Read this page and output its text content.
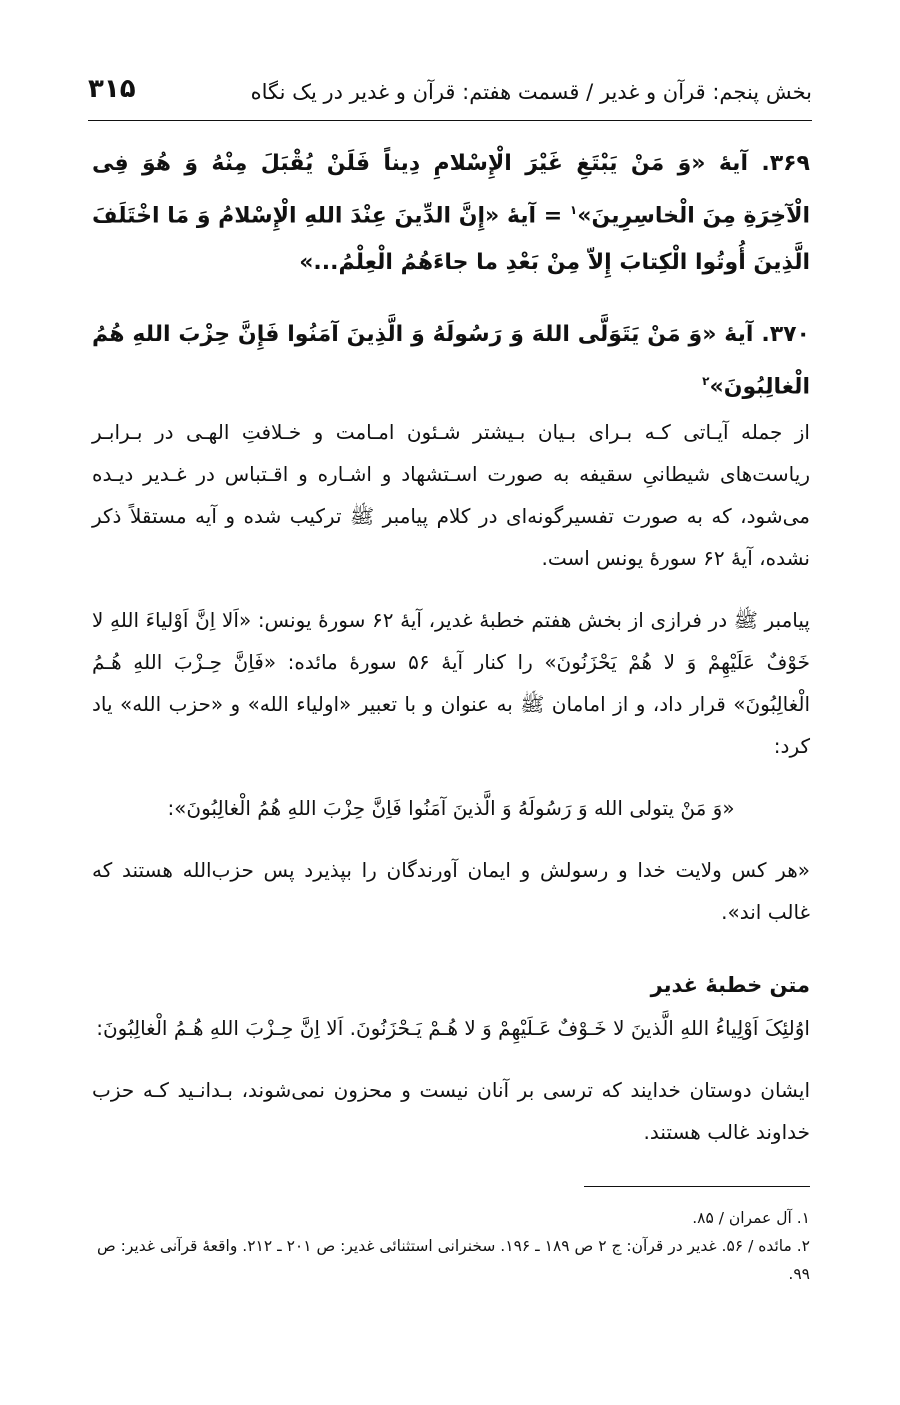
بخش پنجم: قرآن و غدیر / قسمت هفتم: قرآن و غدیر در یک نگاه
۳۱۵

۳۶۹. آیهٔ «وَ مَنْ یَبْتَغِ غَیْرَ الْإِسْلامِ دِیناً فَلَنْ یُقْبَلَ مِنْهُ وَ هُوَ فِی الْآخِرَةِ مِنَ الْخاسِرِینَ»$^۱$ = آیهٔ «إِنَّ الدِّینَ عِنْدَ اللهِ الْإِسْلامُ وَ مَا اخْتَلَفَ الَّذِینَ أُوتُوا الْکِتابَ إِلاّ مِنْ بَعْدِ ما جاءَهُمُ الْعِلْمُ...»

۳۷۰. آیهٔ «وَ مَنْ یَتَوَلَّی اللهَ وَ رَسُولَهُ وَ الَّذِینَ آمَنُوا فَإِنَّ حِزْبَ اللهِ هُمُ الْغالِبُونَ»$^۲$

از جمله آیـاتی کـه بـرای بـیان بـیشتر شـئون امـامت و خـلافتِ الهـی در بـرابـر ریاست‌های شیطانیِ سقیفه به صورت اسـتشهاد و اشـاره و اقـتباس در غـدیر دیـده می‌شود، که به صورت تفسیرگونه‌ای در کلام پیامبر ﷺ ترکیب شده و آیه مستقلاً ذکر نشده، آیهٔ ۶۲ سورهٔ یونس است.

پیامبر ﷺ در فرازی از بخش هفتم خطبهٔ غدیر، آیهٔ ۶۲ سورهٔ یونس: «اَلا اِنَّ اَوْلیاءَ اللهِ لا خَوْفٌ عَلَیْهِمْ وَ لا هُمْ یَحْزَنُونَ» را کنار آیهٔ ۵۶ سورهٔ مائده: «فَاِنَّ حِـزْبَ اللهِ هُـمُ الْغالِبُونَ» قرار داد، و از امامان ﷺ به عنوان و با تعبیر «اولیاء الله» و «حزب الله» یاد کرد:

«وَ مَنْ یتولی الله وَ رَسُولَهُ وَ الَّذینَ آمَنُوا فَاِنَّ حِزْبَ اللهِ هُمُ الْغالِبُونَ»:

«هر کس ولایت خدا و رسولش و ایمان آورندگان را بپذیرد پس حزب‌الله هستند که غالب اند».

متن خطبهٔ غدیر

اوُلئِکَ اَوْلِیاءُ اللهِ الَّذینَ لا خَـوْفٌ عَـلَیْهِمْ وَ لا هُـمْ یَـحْزَنُونَ. اَلا اِنَّ حِـزْبَ اللهِ هُـمُ الْغالِبُونَ:

ایشان دوستان خدایند که ترسی بر آنان نیست و محزون نمی‌شوند، بـدانـید کـه حزب خداوند غالب هستند.

۱. آل عمران / ۸۵.

۲. مائده / ۵۶. غدیر در قرآن: ج ۲ ص ۱۸۹ ـ ۱۹۶. سخنرانی استثنائی غدیر: ص ۲۰۱ ـ ۲۱۲. واقعهٔ قرآنی غدیر: ص ۹۹.
